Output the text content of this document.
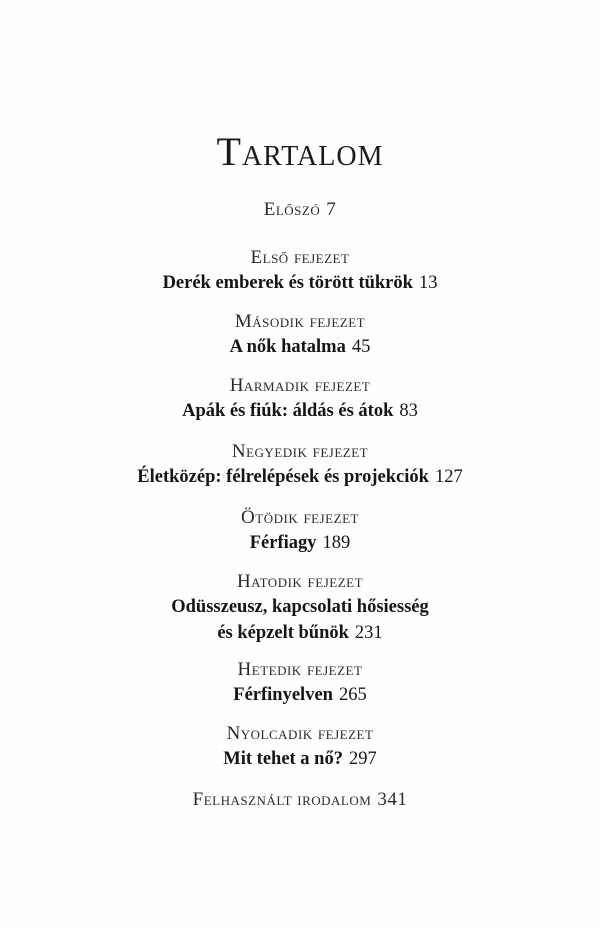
Tartalom
Előszó 7
Első fejezet
Derék emberek és törött tükrök 13
Második fejezet
A nők hatalma 45
Harmadik fejezet
Apák és fiúk: áldás és átok 83
Negyedik fejezet
Életközép: félrelépések és projekciók 127
Ötödik fejezet
Férfiagy 189
Hatodik fejezet
Odüsszeusz, kapcsolati hősiesség
és képzelt bűnök 231
Hetedik fejezet
Férfinyelven 265
Nyolcadik fejezet
Mit tehet a nő? 297
Felhasznált irodalom 341
